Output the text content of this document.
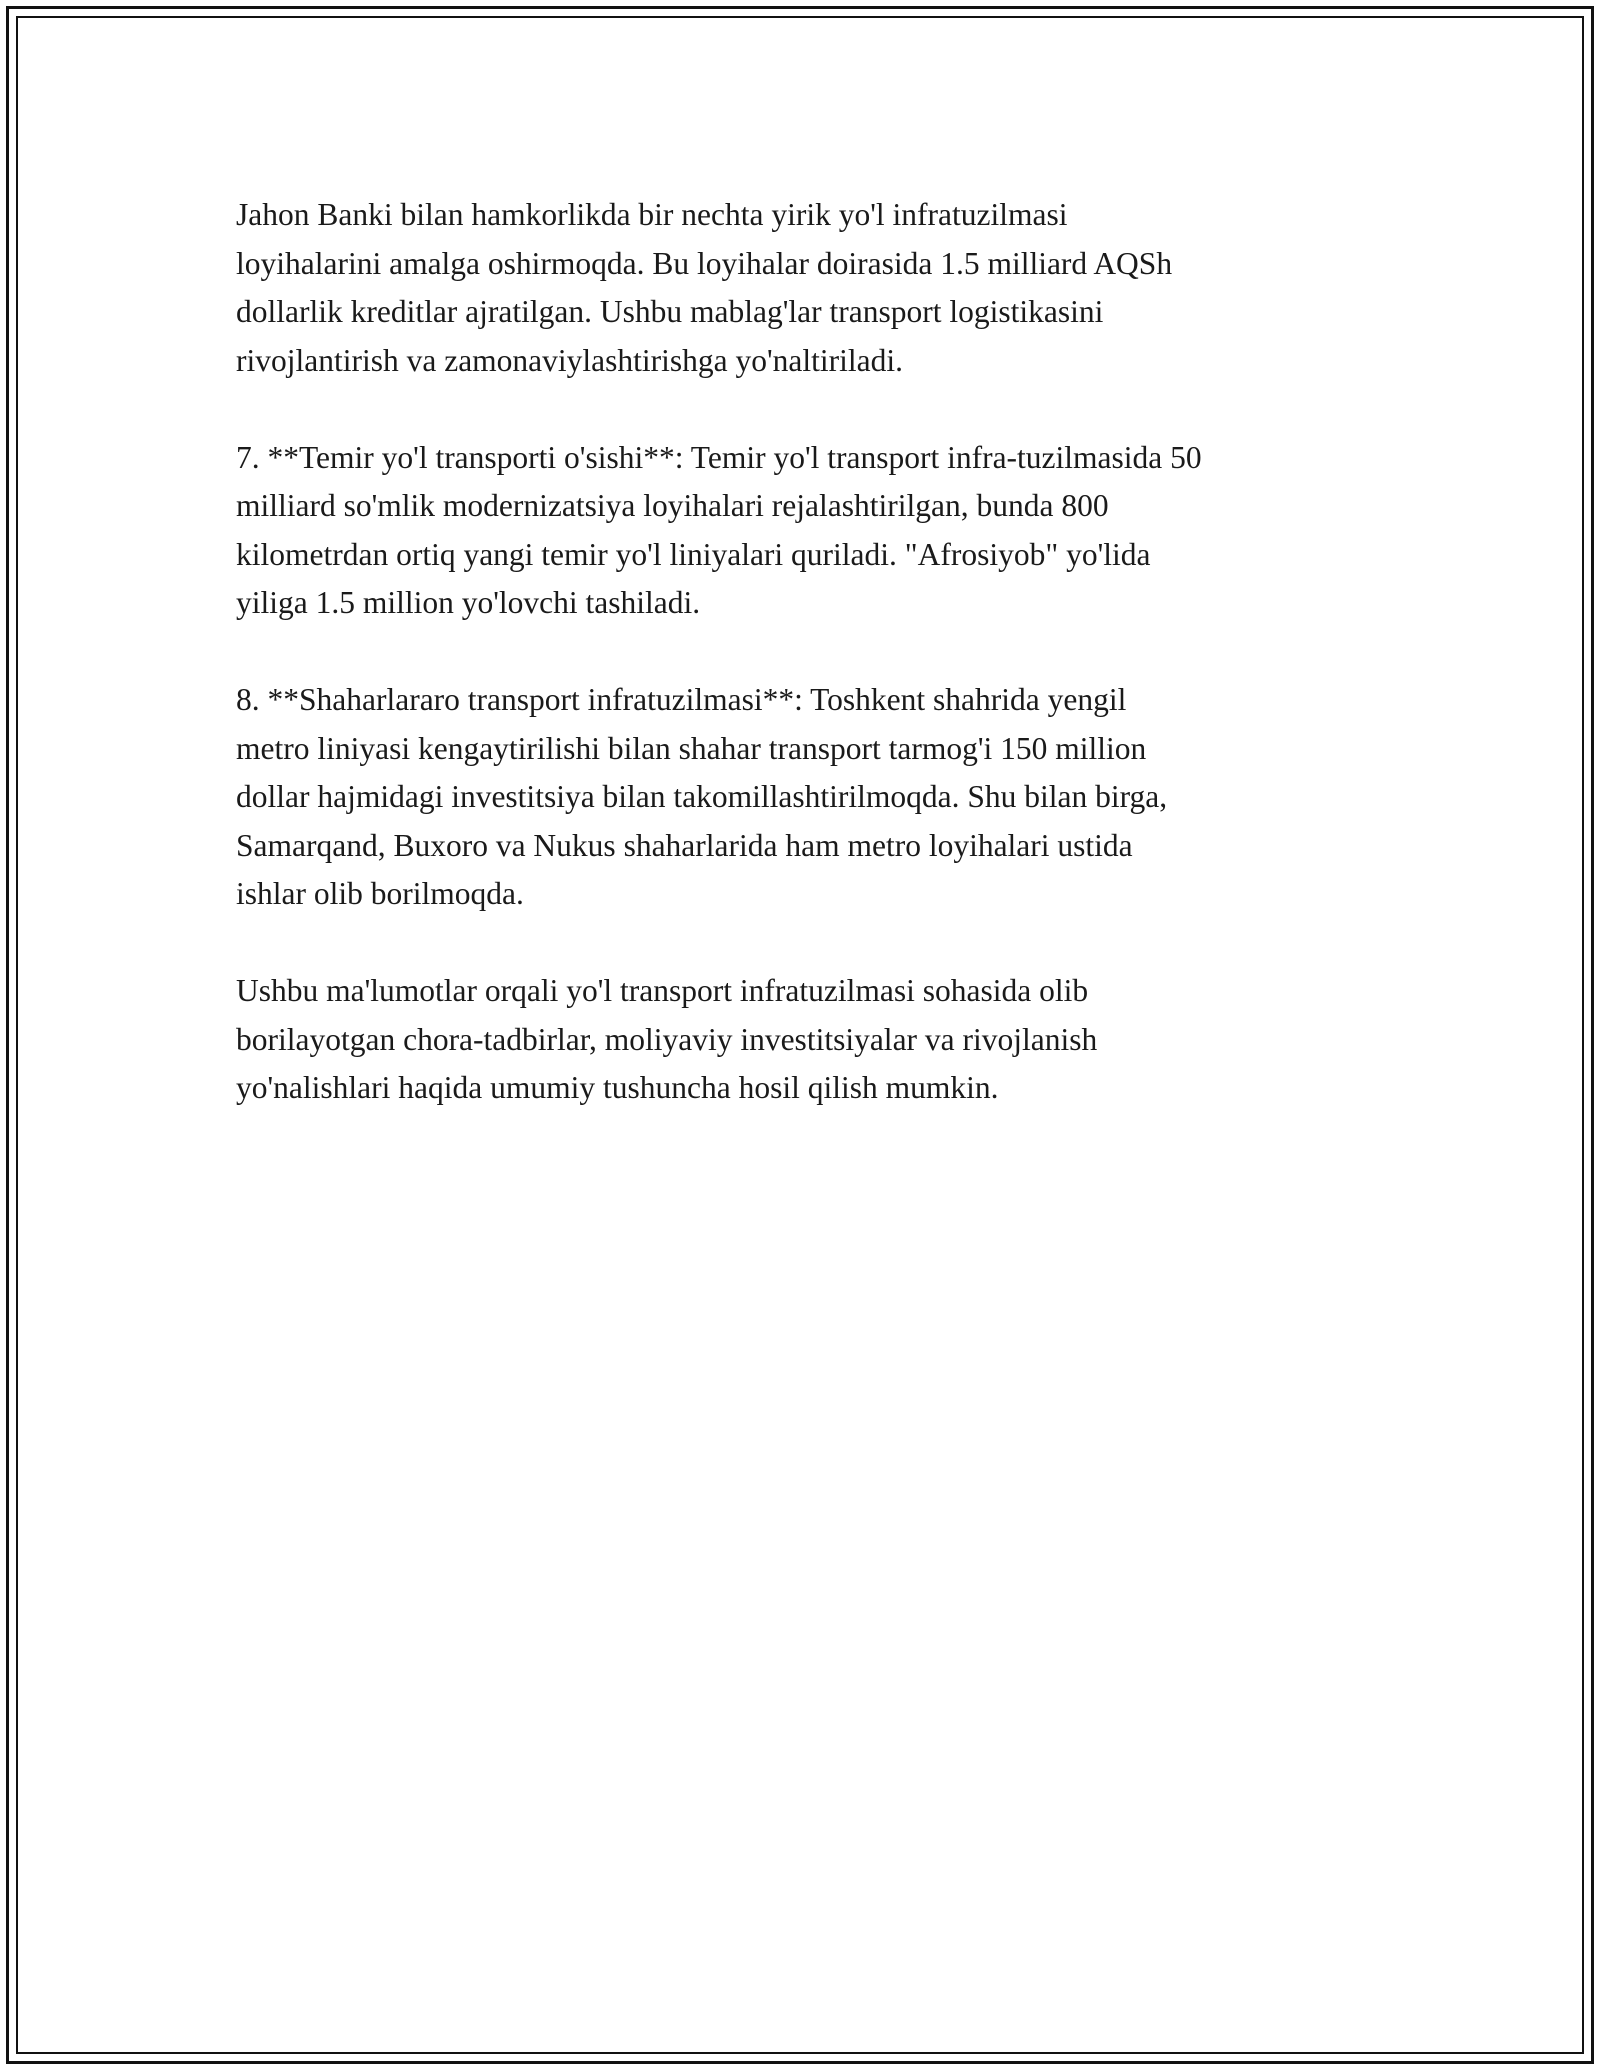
Jahon Banki bilan hamkorlikda bir nechta yirik yo'l infratuzilmasi
loyihalarini amalga oshirmoqda. Bu loyihalar doirasida 1.5 milliard AQSh
dollarlik kreditlar ajratilgan. Ushbu mablag'lar transport logistikasini
rivojlantirish va zamonaviylashtirishga yo'naltiriladi.

7. **Temir yo'l transporti o'sishi**: Temir yo'l transport infra-tuzilmasida 50
milliard so'mlik modernizatsiya loyihalari rejalashtirilgan, bunda 800
kilometrdan ortiq yangi temir yo'l liniyalari quriladi. "Afrosiyob" yo'lida
yiliga 1.5 million yo'lovchi tashiladi.

8. **Shaharlararo transport infratuzilmasi**: Toshkent shahrida yengil
metro liniyasi kengaytirilishi bilan shahar transport tarmog'i 150 million
dollar hajmidagi investitsiya bilan takomillashtirilmoqda. Shu bilan birga,
Samarqand, Buxoro va Nukus shaharlarida ham metro loyihalari ustida
ishlar olib borilmoqda.

Ushbu ma'lumotlar orqali yo'l transport infratuzilmasi sohasida olib
borilayotgan chora-tadbirlar, moliyaviy investitsiyalar va rivojlanish
yo'nalishlari haqida umumiy tushuncha hosil qilish mumkin.
